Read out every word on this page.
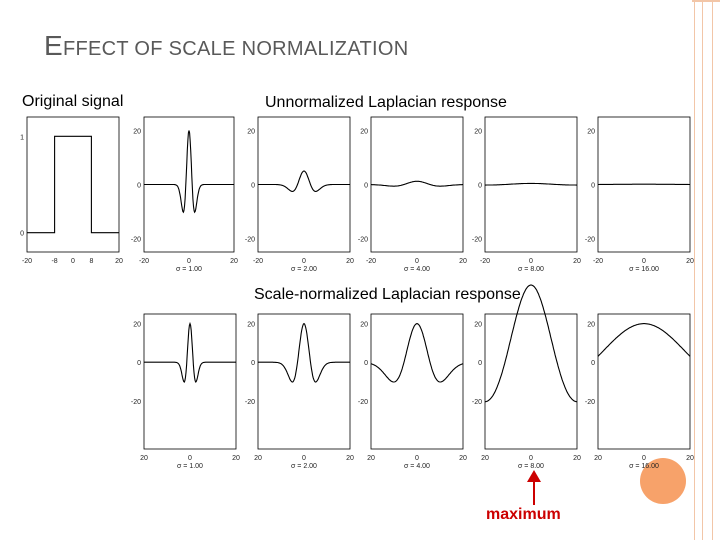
EFFECT OF SCALE NORMALIZATION
Original signal	Unnormalized Laplacian response
Scale-normalized Laplacian response
-20	-8 0 8	20
1
0
-20	0	20
20
0
-20
σ = 1.00
-20	0	20
20
0
-20
σ = 2.00
-20	0	20
20
0
-20
σ = 4.00
-20	0	20
20
0
-20
σ = 8.00
-20	0	20
20
0
-20
σ = 16.00
20	0	20
20
0
-20
σ = 1.00
20	0	20
20
0
-20
σ = 2.00
20	0	20
20
0
-20
σ = 4.00
20	0	20
20
0
-20
σ = 8.00
20	0	20
20
0
-20
σ = 16.00
maximum
